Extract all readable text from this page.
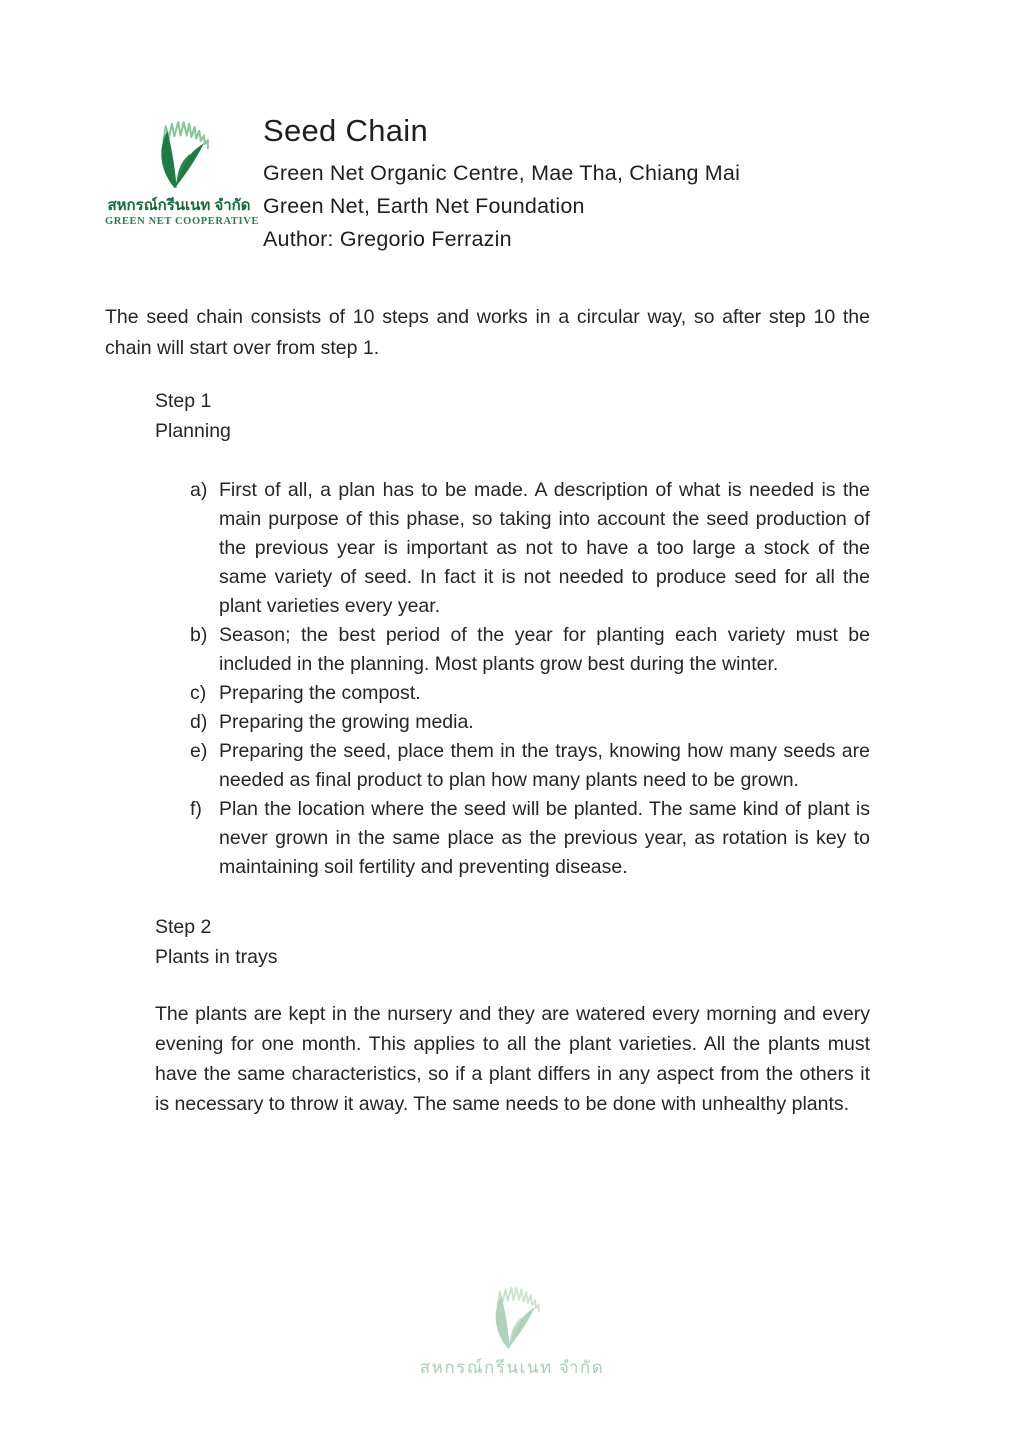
สหกรณ์กรีนเนท จำกัด
GREEN NET COOPERATIVE
Seed Chain
Green Net Organic Centre, Mae Tha, Chiang Mai
Green Net, Earth Net Foundation
Author: Gregorio Ferrazin

The seed chain consists of 10 steps and works in a circular way, so after step 10 the chain will start over from step 1.

Step 1
Planning
a) First of all, a plan has to be made. A description of what is needed is the main purpose of this phase, so taking into account the seed production of the previous year is important as not to have a too large a stock of the same variety of seed. In fact it is not needed to produce seed for all the plant varieties every year.
b) Season; the best period of the year for planting each variety must be included in the planning. Most plants grow best during the winter.
c) Preparing the compost.
d) Preparing the growing media.
e) Preparing the seed, place them in the trays, knowing how many seeds are needed as final product to plan how many plants need to be grown.
f) Plan the location where the seed will be planted. The same kind of plant is never grown in the same place as the previous year, as rotation is key to maintaining soil fertility and preventing disease.
Step 2
Plants in trays

The plants are kept in the nursery and they are watered every morning and every evening for one month. This applies to all the plant varieties. All the plants must have the same characteristics, so if a plant differs in any aspect from the others it is necessary to throw it away. The same needs to be done with unhealthy plants.

สหกรณ์กรีนเนท จำกัด
